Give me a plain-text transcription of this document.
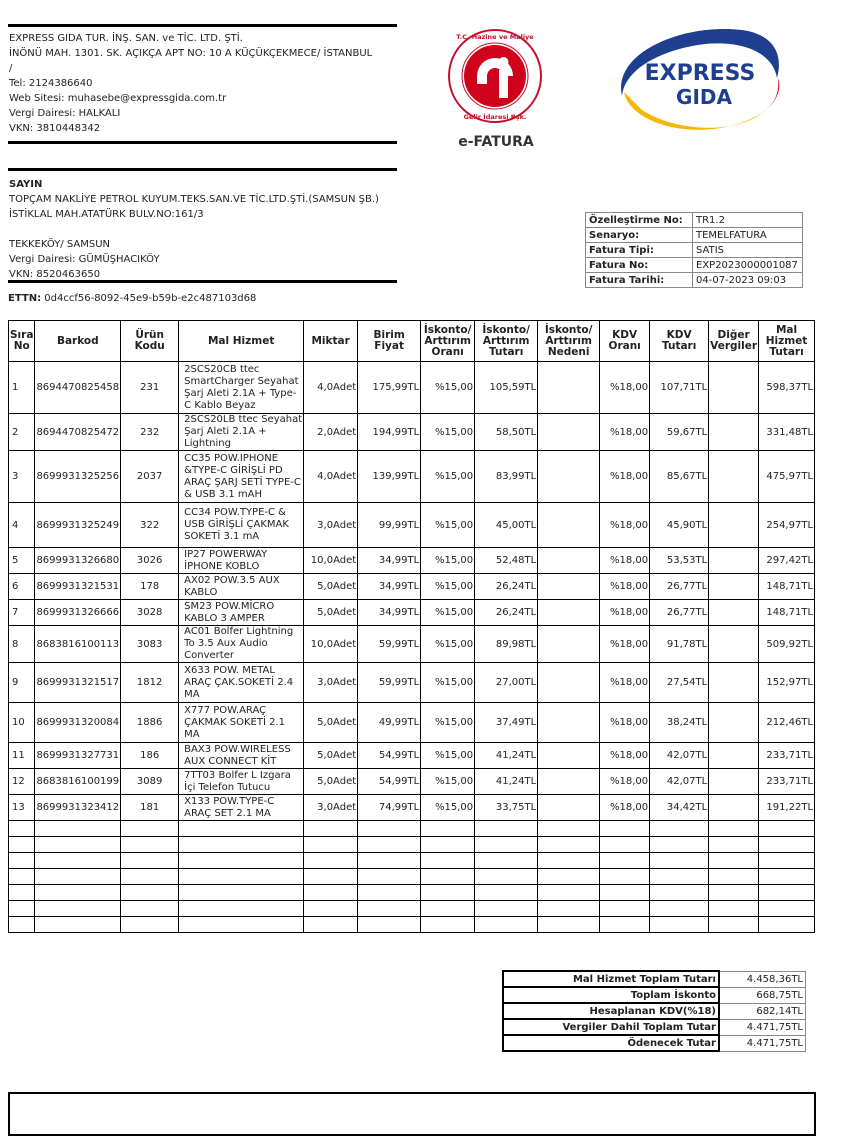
EXPRESS GIDA TUR. İNŞ. SAN. ve TİC. LTD. ŞTİ.
İNÖNÜ MAH. 1301. SK. AÇIKÇA APT NO: 10 A KÜÇÜKÇEKMECE/ İSTANBUL
/
Tel: 2124386640
Web Sitesi: muhasebe@expressgida.com.tr
Vergi Dairesi: HALKALI
VKN: 3810448342
T.C. Hazine ve Maliye
Gelir İdaresi Bşk.
e-FATURA
EXPRESS
GIDA
SAYIN
TOPÇAM NAKLİYE PETROL KUYUM.TEKS.SAN.VE TİC.LTD.ŞTİ.(SAMSUN ŞB.)
İSTİKLAL MAH.ATATÜRK BULV.NO:161/3
TEKKEKÖY/ SAMSUN
Vergi Dairesi: GÜMÜŞHACIKÖY
VKN: 8520463650
Özelleştirme No:	TR1.2
Senaryo:	TEMELFATURA
Fatura Tipi:	SATIS
Fatura No:	EXP2023000001087
Fatura Tarihi:	04-07-2023 09:03
ETTN: 0d4ccf56-8092-45e9-b59b-e2c487103d68
Sıra No	Barkod	Ürün Kodu	Mal Hizmet	Miktar	Birim Fiyat	İskonto/ Arttırım Oranı	İskonto/ Arttırım Tutarı	İskonto/ Arttırım Nedeni	KDV Oranı	KDV Tutarı	Diğer Vergiler	Mal Hizmet Tutarı
1	8694470825458	231	2SCS20CB ttec SmartCharger Seyahat Şarj Aleti 2.1A + Type-C Kablo Beyaz	4,0Adet	175,99TL	%15,00	105,59TL		%18,00	107,71TL		598,37TL
2	8694470825472	232	2SCS20LB ttec Seyahat Şarj Aleti 2.1A + Lightning	2,0Adet	194,99TL	%15,00	58,50TL		%18,00	59,67TL		331,48TL
3	8699931325256	2037	CC35 POW.IPHONE &TYPE-C GİRİŞLİ PD ARAÇ ŞARJ SETİ TYPE-C & USB 3.1 mAH	4,0Adet	139,99TL	%15,00	83,99TL		%18,00	85,67TL		475,97TL
4	8699931325249	322	CC34 POW.TYPE-C & USB GİRİŞLİ ÇAKMAK SOKETİ 3.1 mA	3,0Adet	99,99TL	%15,00	45,00TL		%18,00	45,90TL		254,97TL
5	8699931326680	3026	IP27 POWERWAY İPHONE KOBLO	10,0Adet	34,99TL	%15,00	52,48TL		%18,00	53,53TL		297,42TL
6	8699931321531	178	AX02 POW.3.5 AUX KABLO	5,0Adet	34,99TL	%15,00	26,24TL		%18,00	26,77TL		148,71TL
7	8699931326666	3028	SM23 POW.MİCRO KABLO 3 AMPER	5,0Adet	34,99TL	%15,00	26,24TL		%18,00	26,77TL		148,71TL
8	8683816100113	3083	AC01 Bolfer Lightning To 3.5 Aux Audio Converter	10,0Adet	59,99TL	%15,00	89,98TL		%18,00	91,78TL		509,92TL
9	8699931321517	1812	X633 POW. METAL ARAÇ ÇAK.SOKETİ 2.4 MA	3,0Adet	59,99TL	%15,00	27,00TL		%18,00	27,54TL		152,97TL
10	8699931320084	1886	X777 POW.ARAÇ ÇAKMAK SOKETİ 2.1 MA	5,0Adet	49,99TL	%15,00	37,49TL		%18,00	38,24TL		212,46TL
11	8699931327731	186	BAX3 POW.WIRELESS AUX CONNECT KİT	5,0Adet	54,99TL	%15,00	41,24TL		%18,00	42,07TL		233,71TL
12	8683816100199	3089	7TT03 Bolfer L Izgara İçi Telefon Tutucu	5,0Adet	54,99TL	%15,00	41,24TL		%18,00	42,07TL		233,71TL
13	8699931323412	181	X133 POW.TYPE-C ARAÇ SET 2.1 MA	3,0Adet	74,99TL	%15,00	33,75TL		%18,00	34,42TL		191,22TL

Mal Hizmet Toplam Tutarı	4.458,36TL
Toplam İskonto	668,75TL
Hesaplanan KDV(%18)	682,14TL
Vergiler Dahil Toplam Tutar	4.471,75TL
Ödenecek Tutar	4.471,75TL
